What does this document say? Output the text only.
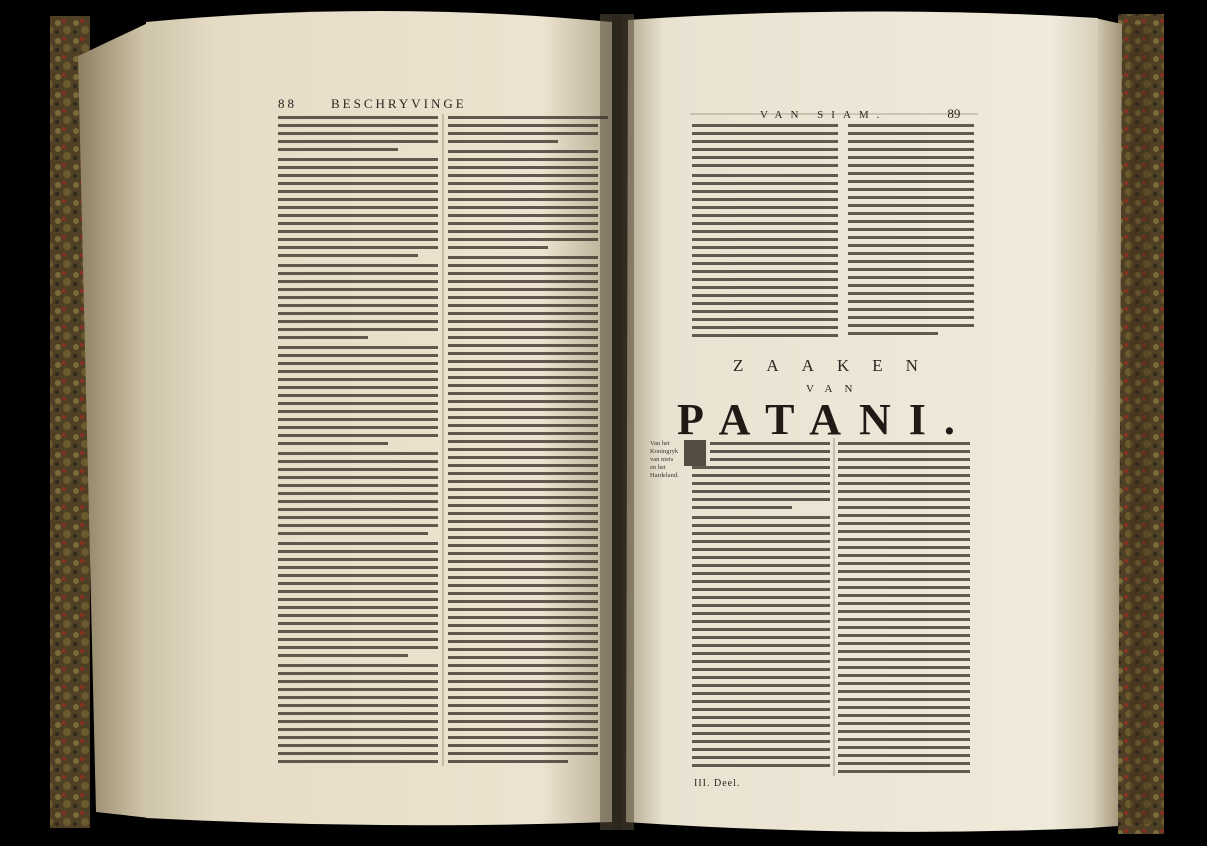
88	BESCHRYVINGE
VAN SIAM.	89
ZAAKEN
VAN
PATANI.
Van het Koningryk van niets en het Hardeland.
III. Deel.
